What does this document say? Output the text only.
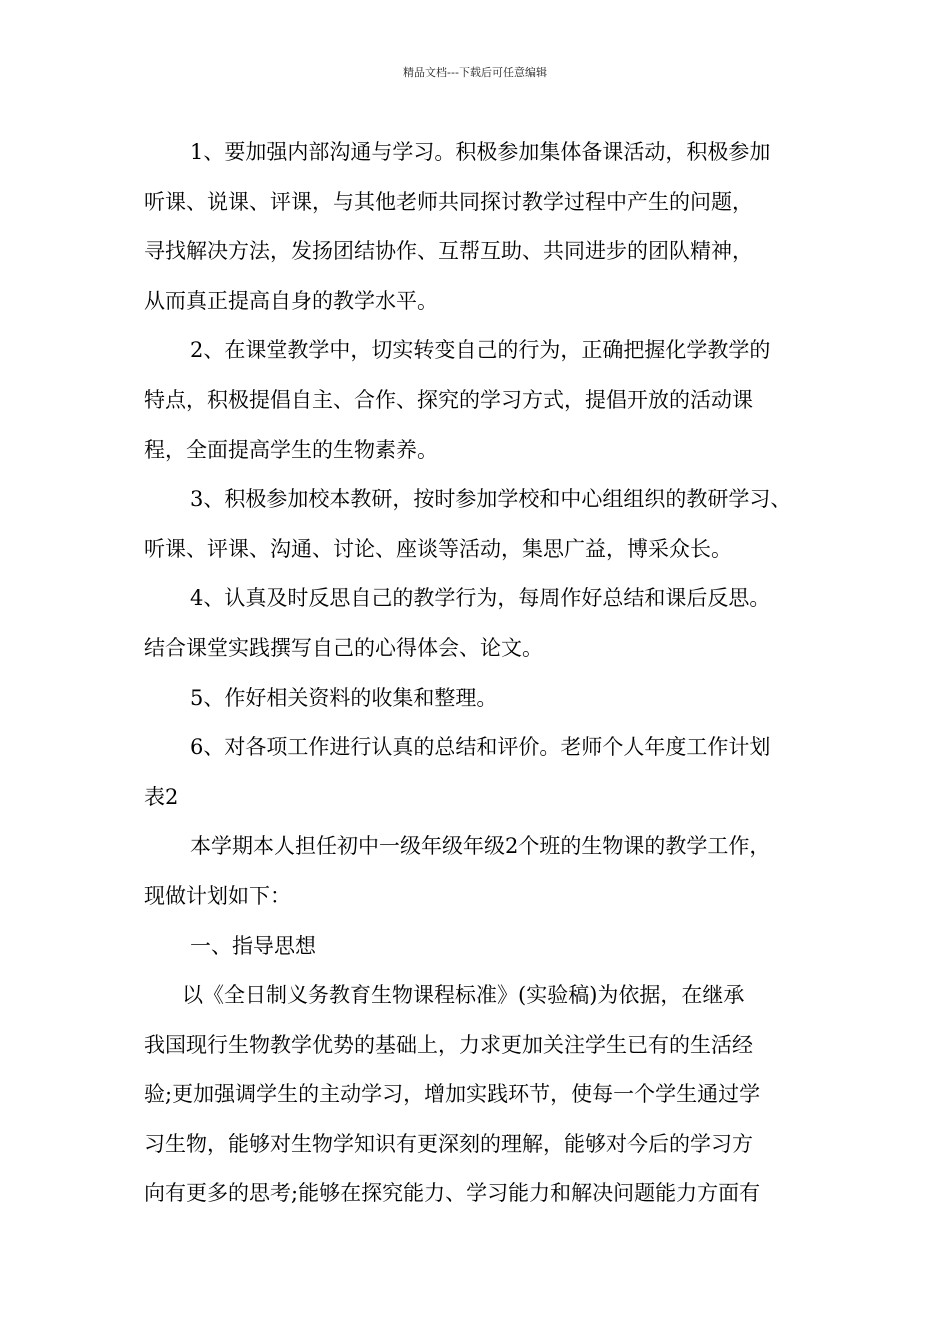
精品文档---下载后可任意编辑
1、要加强内部沟通与学习。积极参加集体备课活动，积极参加
听课、说课、评课，与其他老师共同探讨教学过程中产生的问题，
寻找解决方法，发扬团结协作、互帮互助、共同进步的团队精神，
从而真正提高自身的教学水平。
2、在课堂教学中，切实转变自己的行为，正确把握化学教学的
特点，积极提倡自主、合作、探究的学习方式，提倡开放的活动课
程，全面提高学生的生物素养。
3、积极参加校本教研，按时参加学校和中心组组织的教研学习、
听课、评课、沟通、讨论、座谈等活动，集思广益，博采众长。
4、认真及时反思自己的教学行为，每周作好总结和课后反思。
结合课堂实践撰写自己的心得体会、论文。
5、作好相关资料的收集和整理。
6、对各项工作进行认真的总结和评价。老师个人年度工作计划
表2
本学期本人担任初中一级年级年级2个班的生物课的教学工作，
现做计划如下：
一、指导思想
以《全日制义务教育生物课程标准》(实验稿)为依据，在继承
我国现行生物教学优势的基础上，力求更加关注学生已有的生活经
验;更加强调学生的主动学习，增加实践环节，使每一个学生通过学
习生物，能够对生物学知识有更深刻的理解，能够对今后的学习方
向有更多的思考;能够在探究能力、学习能力和解决问题能力方面有
